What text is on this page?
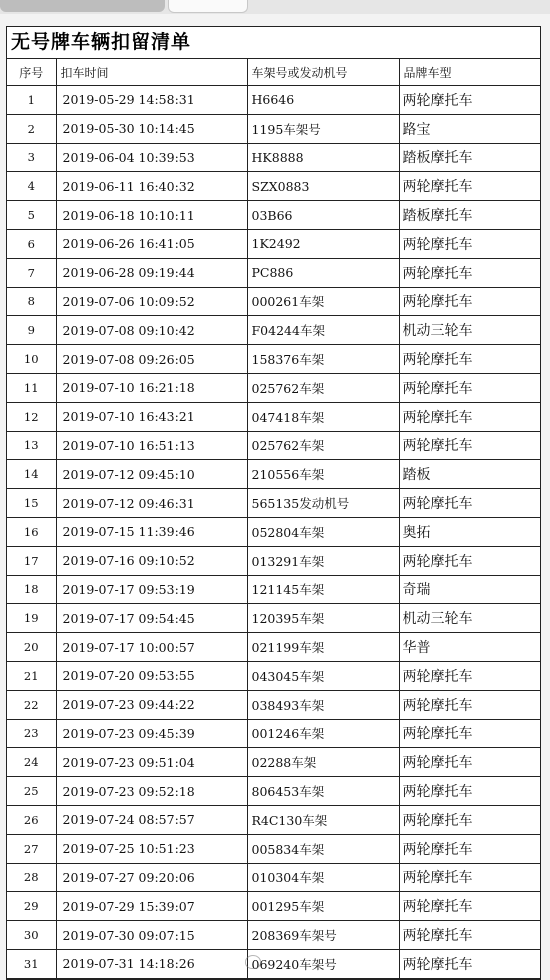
无号牌车辆扣留清单
序号	扣车时间	车架号或发动机号	品牌车型
1	2019-05-29 14:58:31	H6646	两轮摩托车
2	2019-05-30 10:14:45	1195车架号	路宝
3	2019-06-04 10:39:53	HK8888	踏板摩托车
4	2019-06-11 16:40:32	SZX0883	两轮摩托车
5	2019-06-18 10:10:11	03B66	踏板摩托车
6	2019-06-26 16:41:05	1K2492	两轮摩托车
7	2019-06-28 09:19:44	PC886	两轮摩托车
8	2019-07-06 10:09:52	000261车架	两轮摩托车
9	2019-07-08 09:10:42	F04244车架	机动三轮车
10	2019-07-08 09:26:05	158376车架	两轮摩托车
11	2019-07-10 16:21:18	025762车架	两轮摩托车
12	2019-07-10 16:43:21	047418车架	两轮摩托车
13	2019-07-10 16:51:13	025762车架	两轮摩托车
14	2019-07-12 09:45:10	210556车架	踏板
15	2019-07-12 09:46:31	565135发动机号	两轮摩托车
16	2019-07-15 11:39:46	052804车架	奥拓
17	2019-07-16 09:10:52	013291车架	两轮摩托车
18	2019-07-17 09:53:19	121145车架	奇瑞
19	2019-07-17 09:54:45	120395车架	机动三轮车
20	2019-07-17 10:00:57	021199车架	华普
21	2019-07-20 09:53:55	043045车架	两轮摩托车
22	2019-07-23 09:44:22	038493车架	两轮摩托车
23	2019-07-23 09:45:39	001246车架	两轮摩托车
24	2019-07-23 09:51:04	02288车架	两轮摩托车
25	2019-07-23 09:52:18	806453车架	两轮摩托车
26	2019-07-24 08:57:57	R4C130车架	两轮摩托车
27	2019-07-25 10:51:23	005834车架	两轮摩托车
28	2019-07-27 09:20:06	010304车架	两轮摩托车
29	2019-07-29 15:39:07	001295车架	两轮摩托车
30	2019-07-30 09:07:15	208369车架号	两轮摩托车
31	2019-07-31 14:18:26	069240车架号	两轮摩托车
